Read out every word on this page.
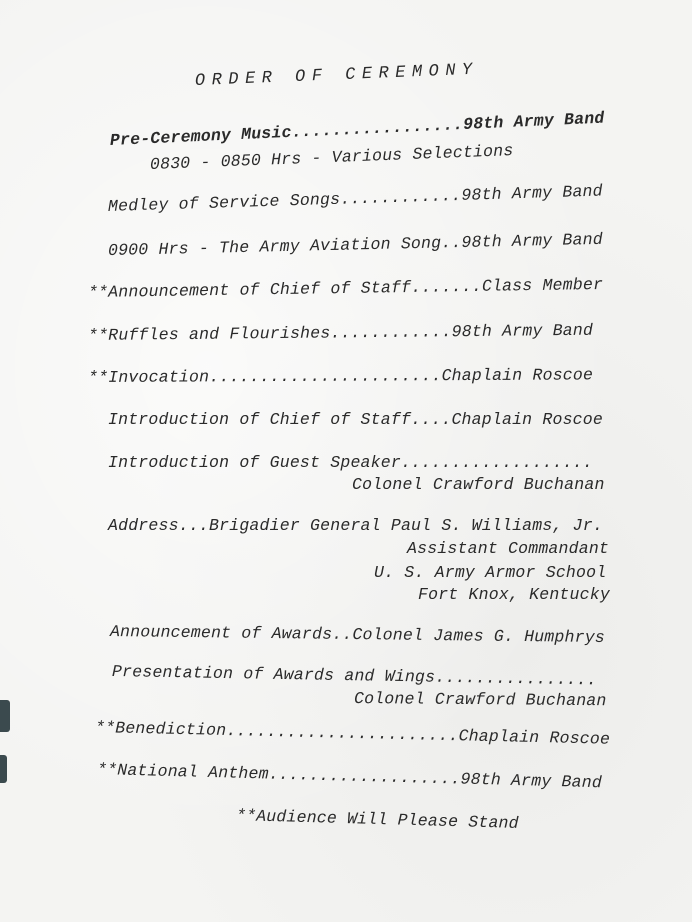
ORDER OF CEREMONY
Pre-Ceremony Music.................98th Army Band
0830 - 0850 Hrs - Various Selections
Medley of Service Songs............98th Army Band
0900 Hrs - The Army Aviation Song..98th Army Band
**Announcement of Chief of Staff.......Class Member
**Ruffles and Flourishes............98th Army Band
**Invocation.......................Chaplain Roscoe
Introduction of Chief of Staff....Chaplain Roscoe
Introduction of Guest Speaker...................
Colonel Crawford Buchanan
Address...Brigadier General Paul S. Williams, Jr.
Assistant Commandant
U. S. Army Armor School
Fort Knox, Kentucky
Announcement of Awards..Colonel James G. Humphrys
Presentation of Awards and Wings................
Colonel Crawford Buchanan
**Benediction.......................Chaplain Roscoe
**National Anthem...................98th Army Band
**Audience Will Please Stand
